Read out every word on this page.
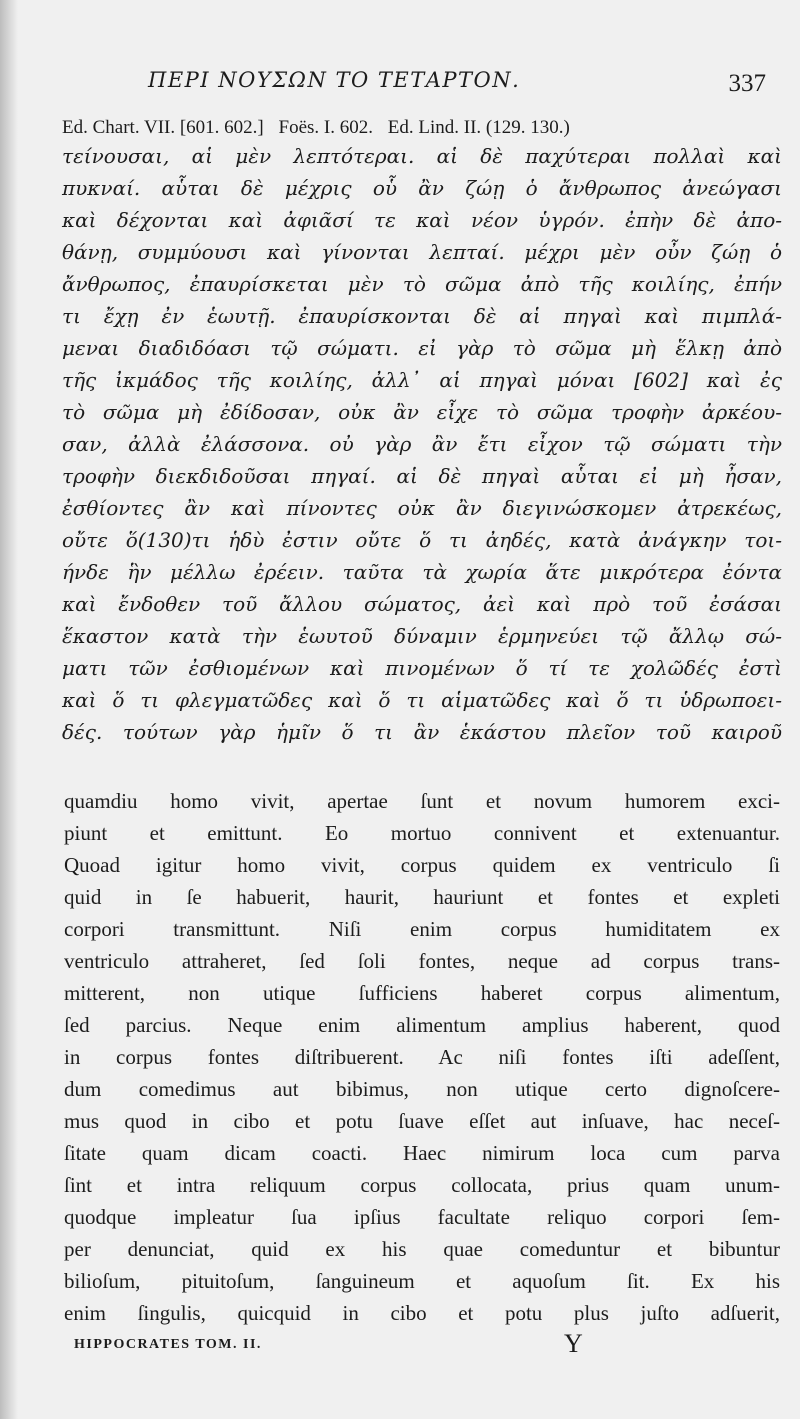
ΠΕΡΙ ΝΟΥΣΩΝ ΤΟ ΤΕΤΑΡΤΟΝ.	337
Ed. Chart. VII. [601. 602.] Foës. I. 602. Ed. Lind. II. (129. 130.)
τείνουσαι, αἱ μὲν λεπτότεραι. αἱ δὲ παχύτεραι πολλαὶ καὶ
πυκναί. αὗται δὲ μέχρις οὗ ἂν ζώῃ ὁ ἄνθρωπος ἀνεώγασι
καὶ δέχονται καὶ ἀφιᾶσί τε καὶ νέον ὑγρόν. ἐπὴν δὲ ἀπο-
θάνῃ, συμμύουσι καὶ γίνονται λεπταί. μέχρι μὲν οὖν ζώῃ ὁ
ἄνθρωπος, ἐπαυρίσκεται μὲν τὸ σῶμα ἀπὸ τῆς κοιλίης, ἐπήν
τι ἔχῃ ἐν ἑωυτῇ. ἐπαυρίσκονται δὲ αἱ πηγαὶ καὶ πιμπλά-
μεναι διαδιδόασι τῷ σώματι. εἰ γὰρ τὸ σῶμα μὴ ἕλκῃ ἀπὸ
τῆς ἰκμάδος τῆς κοιλίης, ἀλλ᾽ αἱ πηγαὶ μόναι [602] καὶ ἐς
τὸ σῶμα μὴ ἐδίδοσαν, οὐκ ἂν εἶχε τὸ σῶμα τροφὴν ἀρκέου-
σαν, ἀλλὰ ἐλάσσονα. οὐ γὰρ ἂν ἔτι εἶχον τῷ σώματι τὴν
τροφὴν διεκδιδοῦσαι πηγαί. αἱ δὲ πηγαὶ αὗται εἰ μὴ ἦσαν,
ἐσθίοντες ἂν καὶ πίνοντες οὐκ ἂν διεγινώσκομεν ἀτρεκέως,
οὔτε ὅ(130)τι ἡδὺ ἐστιν οὔτε ὅ τι ἀηδές, κατὰ ἀνάγκην τοι-
ήνδε ἣν μέλλω ἐρέειν. ταῦτα τὰ χωρία ἅτε μικρότερα ἐόντα
καὶ ἔνδοθεν τοῦ ἄλλου σώματος, ἀεὶ καὶ πρὸ τοῦ ἐσάσαι
ἕκαστον κατὰ τὴν ἑωυτοῦ δύναμιν ἑρμηνεύει τῷ ἄλλῳ σώ-
ματι τῶν ἐσθιομένων καὶ πινομένων ὅ τί τε χολῶδές ἐστὶ
καὶ ὅ τι φλεγματῶδες καὶ ὅ τι αἱματῶδες καὶ ὅ τι ὑδρωποει-
δές. τούτων γὰρ ἡμῖν ὅ τι ἂν ἑκάστου πλεῖον τοῦ καιροῦ
quamdiu homo vivit, apertae ſunt et novum humorem exci-
piunt et emittunt. Eo mortuo connivent et extenuantur.
Quoad igitur homo vivit, corpus quidem ex ventriculo ſi
quid in ſe habuerit, haurit, hauriunt et fontes et expleti
corpori transmittunt. Niſi enim corpus humiditatem ex
ventriculo attraheret, ſed ſoli fontes, neque ad corpus trans-
mitterent, non utique ſufficiens haberet corpus alimentum,
ſed parcius. Neque enim alimentum amplius haberent, quod
in corpus fontes diſtribuerent. Ac niſi fontes iſti adeſſent,
dum comedimus aut bibimus, non utique certo dignoſcere-
mus quod in cibo et potu ſuave eſſet aut inſuave, hac neceſ-
ſitate quam dicam coacti. Haec nimirum loca cum parva
ſint et intra reliquum corpus collocata, prius quam unum-
quodque impleatur ſua ipſius facultate reliquo corpori ſem-
per denunciat, quid ex his quae comeduntur et bibuntur
bilioſum, pituitoſum, ſanguineum et aquoſum ſit. Ex his
enim ſingulis, quicquid in cibo et potu plus juſto adſuerit,
HIPPOCRATES TOM. II.	Y
